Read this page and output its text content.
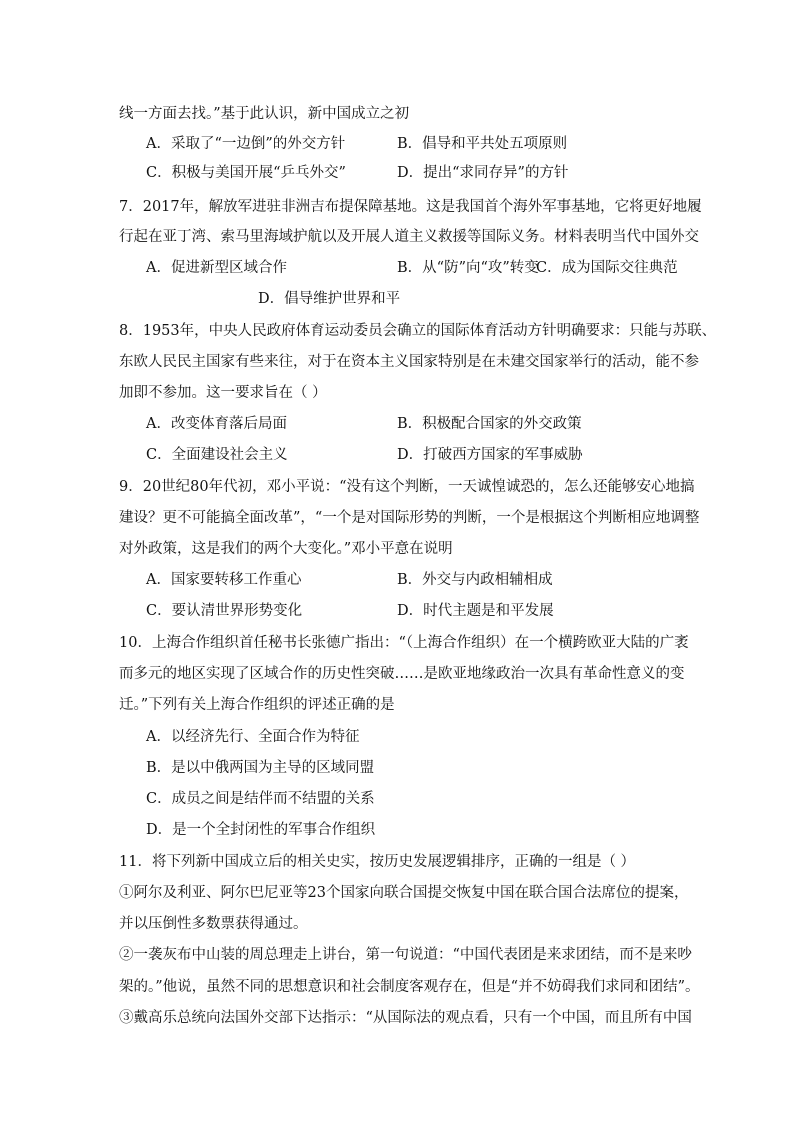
线一方面去找。”基于此认识，新中国成立之初
A．采取了“一边倒”的外交方针	B．倡导和平共处五项原则
C．积极与美国开展“乒乓外交”	D．提出“求同存异”的方针
7．2017年，解放军进驻非洲吉布提保障基地。这是我国首个海外军事基地，它将更好地履
行起在亚丁湾、索马里海域护航以及开展人道主义救援等国际义务。材料表明当代中国外交
A．促进新型区域合作	B．从“防”向“攻”转变
C．成为国际交往典范
D．倡导维护世界和平
8．1953年，中央人民政府体育运动委员会确立的国际体育活动方针明确要求：只能与苏联、
东欧人民民主国家有些来往，对于在资本主义国家特别是在未建交国家举行的活动，能不参
加即不参加。这一要求旨在（ ）
A．改变体育落后局面	B．积极配合国家的外交政策
C．全面建设社会主义	D．打破西方国家的军事威胁
9．20世纪80年代初，邓小平说：“没有这个判断，一天诚惶诚恐的，怎么还能够安心地搞
建设？更不可能搞全面改革”，“一个是对国际形势的判断，一个是根据这个判断相应地调整
对外政策，这是我们的两个大变化。”邓小平意在说明
A．国家要转移工作重心	B．外交与内政相辅相成
C．要认清世界形势变化	D．时代主题是和平发展
10．上海合作组织首任秘书长张德广指出：“（上海合作组织）在一个横跨欧亚大陆的广袤
而多元的地区实现了区域合作的历史性突破……是欧亚地缘政治一次具有革命性意义的变
迁。”下列有关上海合作组织的评述正确的是
A．以经济先行、全面合作为特征
B．是以中俄两国为主导的区域同盟
C．成员之间是结伴而不结盟的关系
D．是一个全封闭性的军事合作组织
11．将下列新中国成立后的相关史实，按历史发展逻辑排序，正确的一组是（ ）
①阿尔及利亚、阿尔巴尼亚等23个国家向联合国提交恢复中国在联合国合法席位的提案，
并以压倒性多数票获得通过。
②一袭灰布中山装的周总理走上讲台，第一句说道：“中国代表团是来求团结，而不是来吵
架的。”他说，虽然不同的思想意识和社会制度客观存在，但是“并不妨碍我们求同和团结”。
③戴高乐总统向法国外交部下达指示：“从国际法的观点看，只有一个中国，而且所有中国
